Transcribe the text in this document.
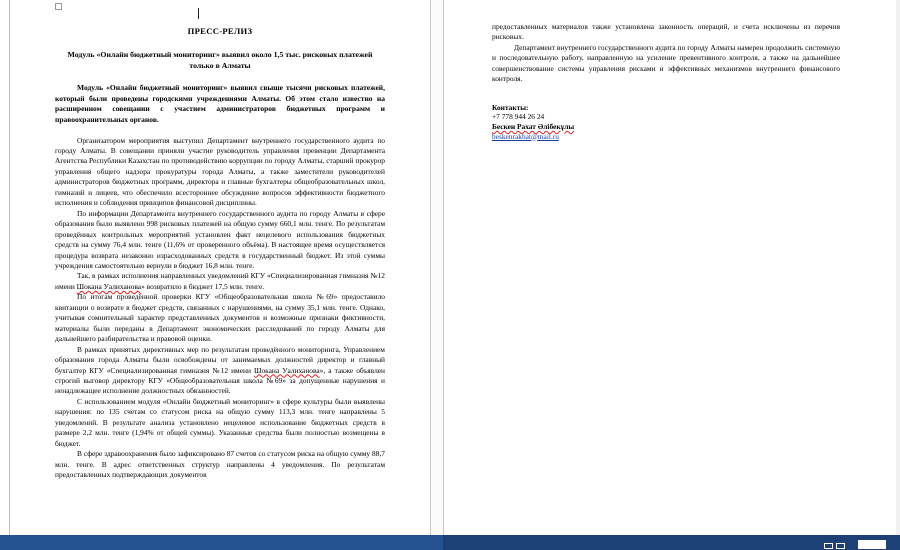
ПРЕСС-РЕЛИЗ
Модуль «Онлайн бюджетный мониторинг» выявил около 1,5 тыс. рисковых платежей только в Алматы

Модуль «Онлайн бюджетный мониторинг» выявил свыше тысячи рисковых платежей, который были проведены городскими учреждениями Алматы. Об этом стало известно на расширенном совещании с участием администраторов бюджетных программ и правоохранительных органов.

Организатором мероприятия выступил Департамент внутреннего государственного аудита по городу Алматы. В совещании приняли участие руководитель управления превенции Департамента Агентства Республики Казахстан по противодействию коррупции по городу Алматы, старший прокурор управления общего надзора прокуратуры города Алматы, а также заместители руководителей администраторов бюджетных программ, директора и главные бухгалтеры общеобразовательных школ, гимназий и лицеев, что обеспечило всестороннее обсуждение вопросов эффективности бюджетного исполнения и соблюдения принципов финансовой дисциплины.

По информации Департамента внутреннего государственного аудита по городу Алматы в сфере образования было выявлено 998 рисковых платежей на общую сумму 660,1 млн. тенге. По результатам проведённых контрольных мероприятий установлен факт нецелевого использования бюджетных средств на сумму 76,4 млн. тенге (11,6% от проверенного объёма). В настоящее время осуществляется процедура возврата незаконно израсходованных средств в государственный бюджет. Из этой суммы учреждения самостоятельно вернули в бюджет 16,8 млн. тенге.

Так, в рамках исполнения направленных уведомлений КГУ «Специализированная гимназия №12 имени Шокана Уалиханова» возвратило в бюджет 17,5 млн. тенге.

По итогам проведённой проверки КГУ «Общеобразовательная школа №69» предоставило квитанции о возврате в бюджет средств, связанных с нарушениями, на сумму 35,1 млн. тенге. Однако, учитывая сомнительный характер представленных документов и возможные признаки фиктивности, материалы были переданы в Департамент экономических расследований по городу Алматы для дальнейшего разбирательства и правовой оценки.

В рамках принятых директивных мер по результатам проведённого мониторинга, Управлением образования города Алматы были освобождены от занимаемых должностей директор и главный бухгалтер КГУ «Специализированная гимназия №12 имени Шокана Уалиханова», а также объявлен строгий выговор директору КГУ «Общеобразовательная школа №69» за допущенные нарушения и ненадлежащее исполнение должностных обязанностей.

С использованием модуля «Онлайн бюджетный мониторинг» в сфере культуры были выявлены нарушения: по 135 счетам со статусом риска на общую сумму 113,3 млн. тенге направлены 5 уведомлений. В результате анализа установлено нецелевое использование бюджетных средств в размере 2,2 млн. тенге (1,94% от общей суммы). Указанные средства были полностью возмещены в бюджет.

В сфере здравоохранения было зафиксировано 87 счетов со статусом риска на общую сумму 88,7 млн. тенге. В адрес ответственных структур направлены 4 уведомления. По результатам предоставленных подтверждающих документов

предоставленных материалов также установлена законность операций, и счета исключены из перечня рисковых.

Департамент внутреннего государственного аудита по городу Алматы намерен продолжить системную и последовательную работу, направленную на усиление превентивного контроля, а также на дальнейшее совершенствование системы управления рисками и эффективных механизмов внутреннего финансового контроля.

Контакты:
+7 778 944 26 24
Бескен Рахат Әлібекұлы
beskenrakhat@mail.ru
